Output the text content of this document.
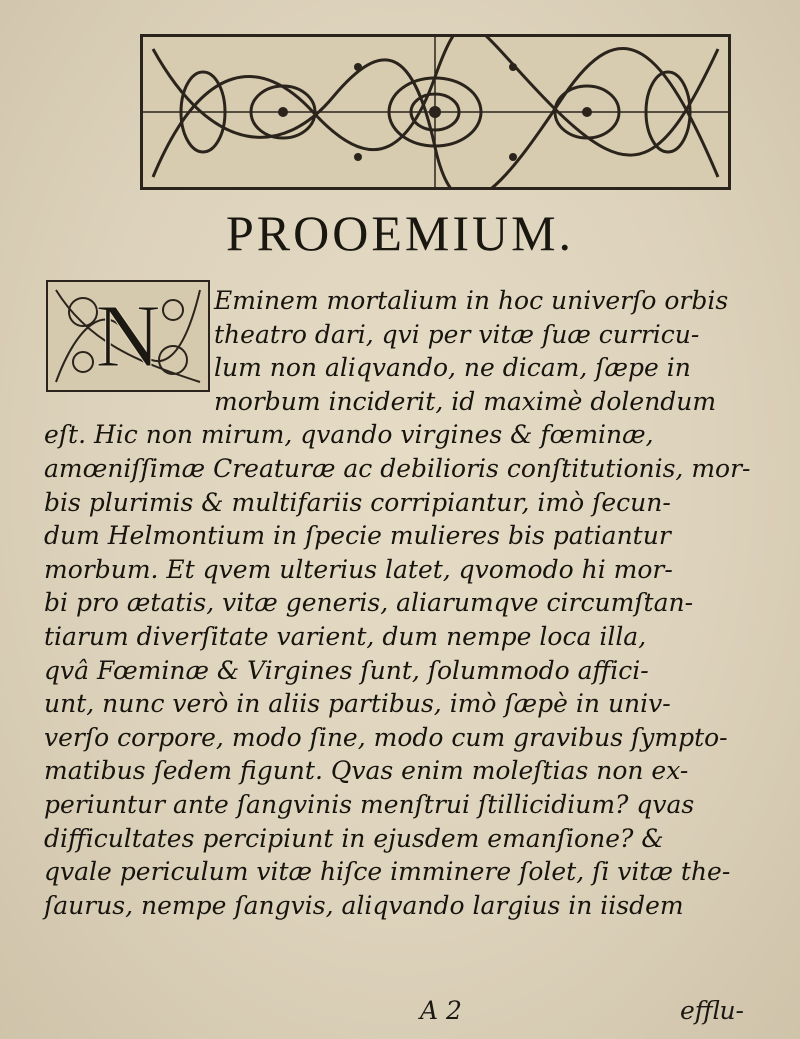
PROOEMIUM.
N	Eminem mortalium in hoc univerſo orbis
theatro dari, qvi per vitæ ſuæ curricu-
lum non aliqvando, ne dicam, ſæpe in
morbum inciderit, id maximè dolendum
eſt. Hic non mirum, qvando virgines & fœminæ,
amœniſſimæ Creaturæ ac debilioris conſtitutionis, mor-
bis plurimis & multifariis corripiantur, imò ſecun-
dum Helmontium in ſpecie mulieres bis patiantur
morbum. Et qvem ulterius latet, qvomodo hi mor-
bi pro ætatis, vitæ generis, aliarumqve circumſtan-
tiarum diverſitate varient, dum nempe loca illa,
qvâ Fœminæ & Virgines ſunt, ſolummodo affici-
unt, nunc verò in aliis partibus, imò ſæpè in univ-
verſo corpore, modo ſine, modo cum gravibus ſympto-
matibus ſedem figunt. Qvas enim moleſtias non ex-
periuntur ante ſangvinis menſtrui ſtillicidium? qvas
difficultates percipiunt in ejusdem emanſione? &
qvale periculum vitæ hiſce imminere ſolet, ſi vitæ the-
ſaurus, nempe ſangvis, aliqvando largius in iisdem
A 2	efflu-
